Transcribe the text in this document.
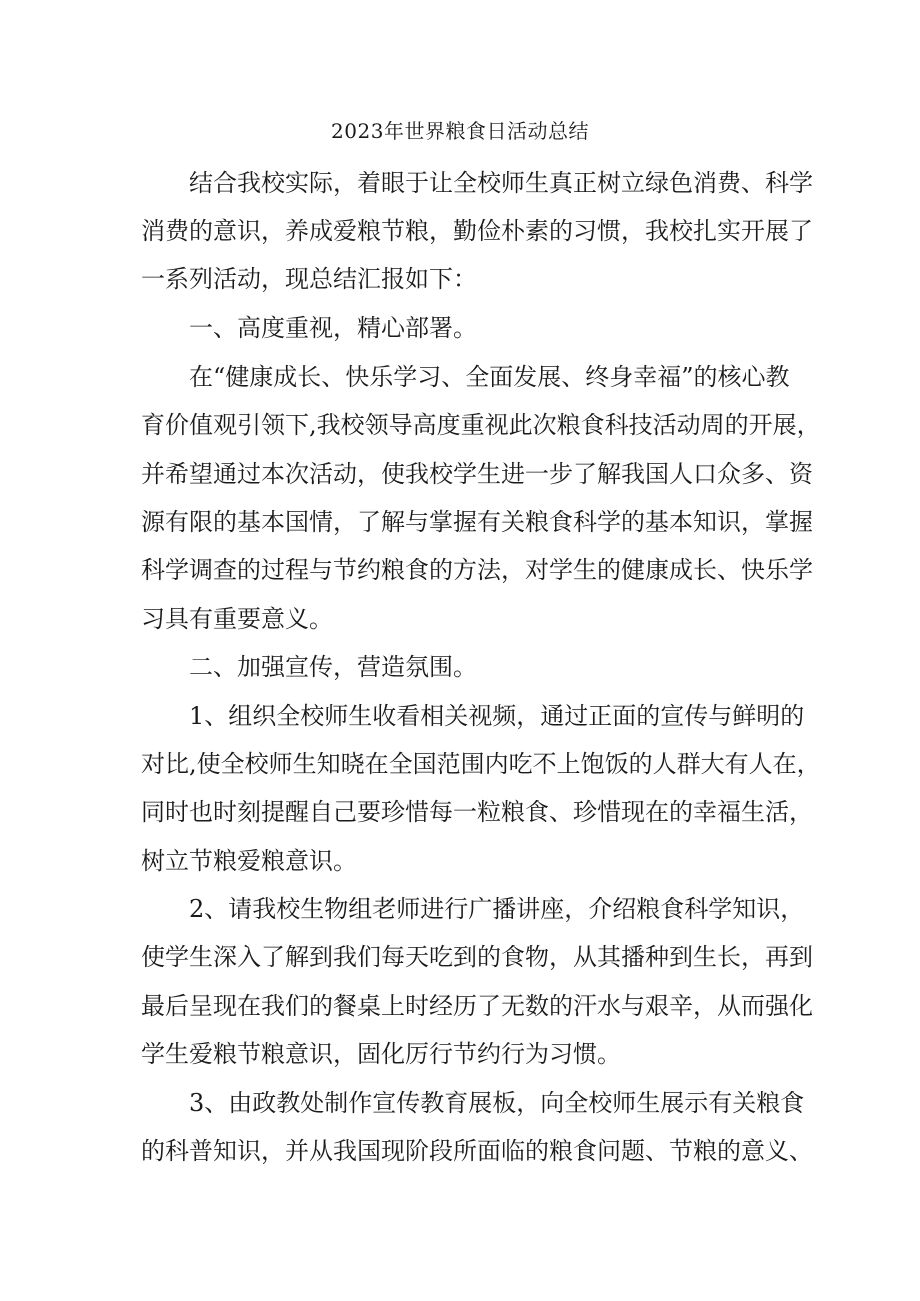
2023年世界粮食日活动总结
结合我校实际，着眼于让全校师生真正树立绿色消费、科学
消费的意识，养成爱粮节粮，勤俭朴素的习惯，我校扎实开展了
一系列活动，现总结汇报如下：
一、高度重视，精心部署。
在“健康成长、快乐学习、全面发展、终身幸福”的核心教
育价值观引领下,我校领导高度重视此次粮食科技活动周的开展，
并希望通过本次活动，使我校学生进一步了解我国人口众多、资
源有限的基本国情，了解与掌握有关粮食科学的基本知识，掌握
科学调查的过程与节约粮食的方法，对学生的健康成长、快乐学
习具有重要意义。
二、加强宣传，营造氛围。
1、组织全校师生收看相关视频，通过正面的宣传与鲜明的
对比,使全校师生知晓在全国范围内吃不上饱饭的人群大有人在，
同时也时刻提醒自己要珍惜每一粒粮食、珍惜现在的幸福生活，
树立节粮爱粮意识。
2、请我校生物组老师进行广播讲座，介绍粮食科学知识，
使学生深入了解到我们每天吃到的食物，从其播种到生长，再到
最后呈现在我们的餐桌上时经历了无数的汗水与艰辛，从而强化
学生爱粮节粮意识，固化厉行节约行为习惯。
3、由政教处制作宣传教育展板，向全校师生展示有关粮食
的科普知识，并从我国现阶段所面临的粮食问题、节粮的意义、
